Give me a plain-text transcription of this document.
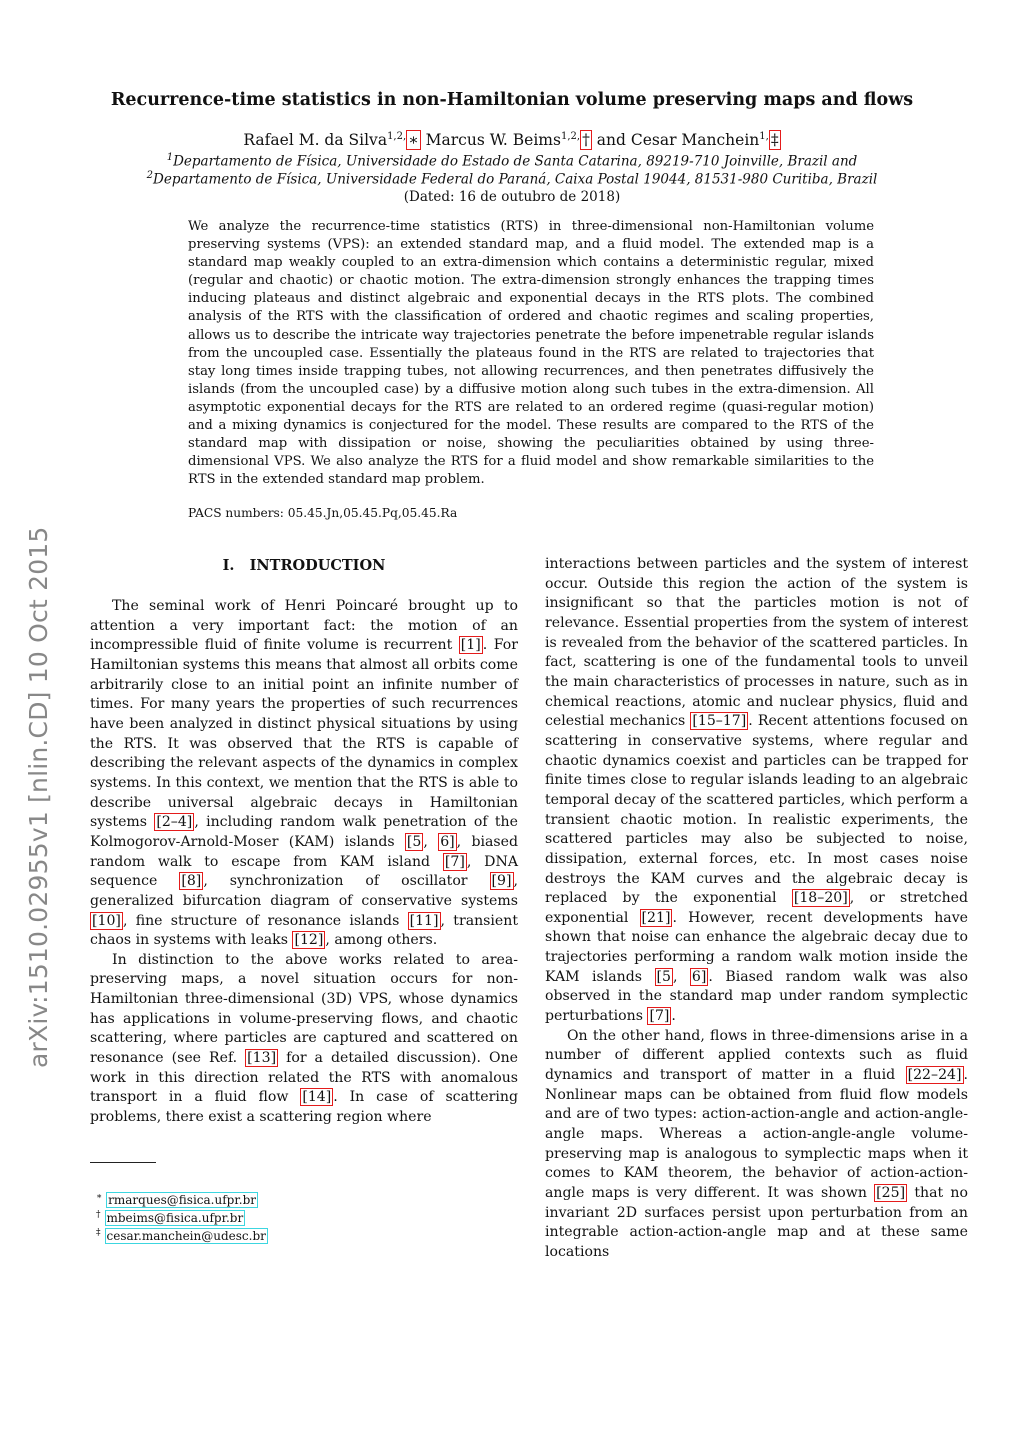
Recurrence-time statistics in non-Hamiltonian volume preserving maps and flows
Rafael M. da Silva$^{1,2,}$ ∗ Marcus W. Beims$^{1,2,}$ † and Cesar Manchein$^{1,}$ ‡
$^1$Departamento de Física, Universidade do Estado de Santa Catarina, 89219-710 Joinville, Brazil and
$^2$Departamento de Física, Universidade Federal do Paraná, Caixa Postal 19044, 81531-980 Curitiba, Brazil
(Dated: 16 de outubro de 2018)
We analyze the recurrence-time statistics (RTS) in three-dimensional non-Hamiltonian volume preserving systems (VPS): an extended standard map, and a fluid model. The extended map is a standard map weakly coupled to an extra-dimension which contains a deterministic regular, mixed (regular and chaotic) or chaotic motion. The extra-dimension strongly enhances the trapping times inducing plateaus and distinct algebraic and exponential decays in the RTS plots. The combined analysis of the RTS with the classification of ordered and chaotic regimes and scaling properties, allows us to describe the intricate way trajectories penetrate the before impenetrable regular islands from the uncoupled case. Essentially the plateaus found in the RTS are related to trajectories that stay long times inside trapping tubes, not allowing recurrences, and then penetrates diffusively the islands (from the uncoupled case) by a diffusive motion along such tubes in the extra-dimension. All asymptotic exponential decays for the RTS are related to an ordered regime (quasi-regular motion) and a mixing dynamics is conjectured for the model. These results are compared to the RTS of the standard map with dissipation or noise, showing the peculiarities obtained by using three-dimensional VPS. We also analyze the RTS for a fluid model and show remarkable similarities to the RTS in the extended standard map problem.
PACS numbers: 05.45.Jn,05.45.Pq,05.45.Ra
arXiv:1510.02955v1 [nlin.CD] 10 Oct 2015	I. INTRODUCTION

The seminal work of Henri Poincaré brought up to attention a very important fact: the motion of an incompressible fluid of finite volume is recurrent [1] . For Hamiltonian systems this means that almost all orbits come arbitrarily close to an initial point an infinite number of times. For many years the properties of such recurrences have been analyzed in distinct physical situations by using the RTS. It was observed that the RTS is capable of describing the relevant aspects of the dynamics in complex systems. In this context, we mention that the RTS is able to describe universal algebraic decays in Hamiltonian systems [2–4] , including random walk penetration of the Kolmogorov-Arnold-Moser (KAM) islands [5 , 6] , biased random walk to escape from KAM island [7] , DNA sequence [8] , synchronization of oscillator [9] , generalized bifurcation diagram of conservative systems [10] , fine structure of resonance islands [11] , transient chaos in systems with leaks [12] , among others.

In distinction to the above works related to area-preserving maps, a novel situation occurs for non-Hamiltonian three-dimensional (3D) VPS, whose dynamics has applications in volume-preserving flows, and chaotic scattering, where particles are captured and scattered on resonance (see Ref. [13] for a detailed discussion). One work in this direction related the RTS with anomalous transport in a fluid flow [14] . In case of scattering problems, there exist a scattering region where

interactions between particles and the system of interest occur. Outside this region the action of the system is insignificant so that the particles motion is not of relevance. Essential properties from the system of interest is revealed from the behavior of the scattered particles. In fact, scattering is one of the fundamental tools to unveil the main characteristics of processes in nature, such as in chemical reactions, atomic and nuclear physics, fluid and celestial mechanics [15–17] . Recent attentions focused on scattering in conservative systems, where regular and chaotic dynamics coexist and particles can be trapped for finite times close to regular islands leading to an algebraic temporal decay of the scattered particles, which perform a transient chaotic motion. In realistic experiments, the scattered particles may also be subjected to noise, dissipation, external forces, etc. In most cases noise destroys the KAM curves and the algebraic decay is replaced by the exponential [18–20] , or stretched exponential [21] . However, recent developments have shown that noise can enhance the algebraic decay due to trajectories performing a random walk motion inside the KAM islands [5 , 6] . Biased random walk was also observed in the standard map under random symplectic perturbations [7] .

On the other hand, flows in three-dimensions arise in a number of different applied contexts such as fluid dynamics and transport of matter in a fluid [22–24] . Nonlinear maps can be obtained from fluid flow models and are of two types: action-action-angle and action-angle-angle maps. Whereas a action-angle-angle volume-preserving map is analogous to symplectic maps when it comes to KAM theorem, the behavior of action-action-angle maps is very different. It was shown [25] that no invariant 2D surfaces persist upon perturbation from an integrable action-action-angle map and at these same locations

∗ rmarques@fisica.ufpr.br
† mbeims@fisica.ufpr.br
‡ cesar.manchein@udesc.br
